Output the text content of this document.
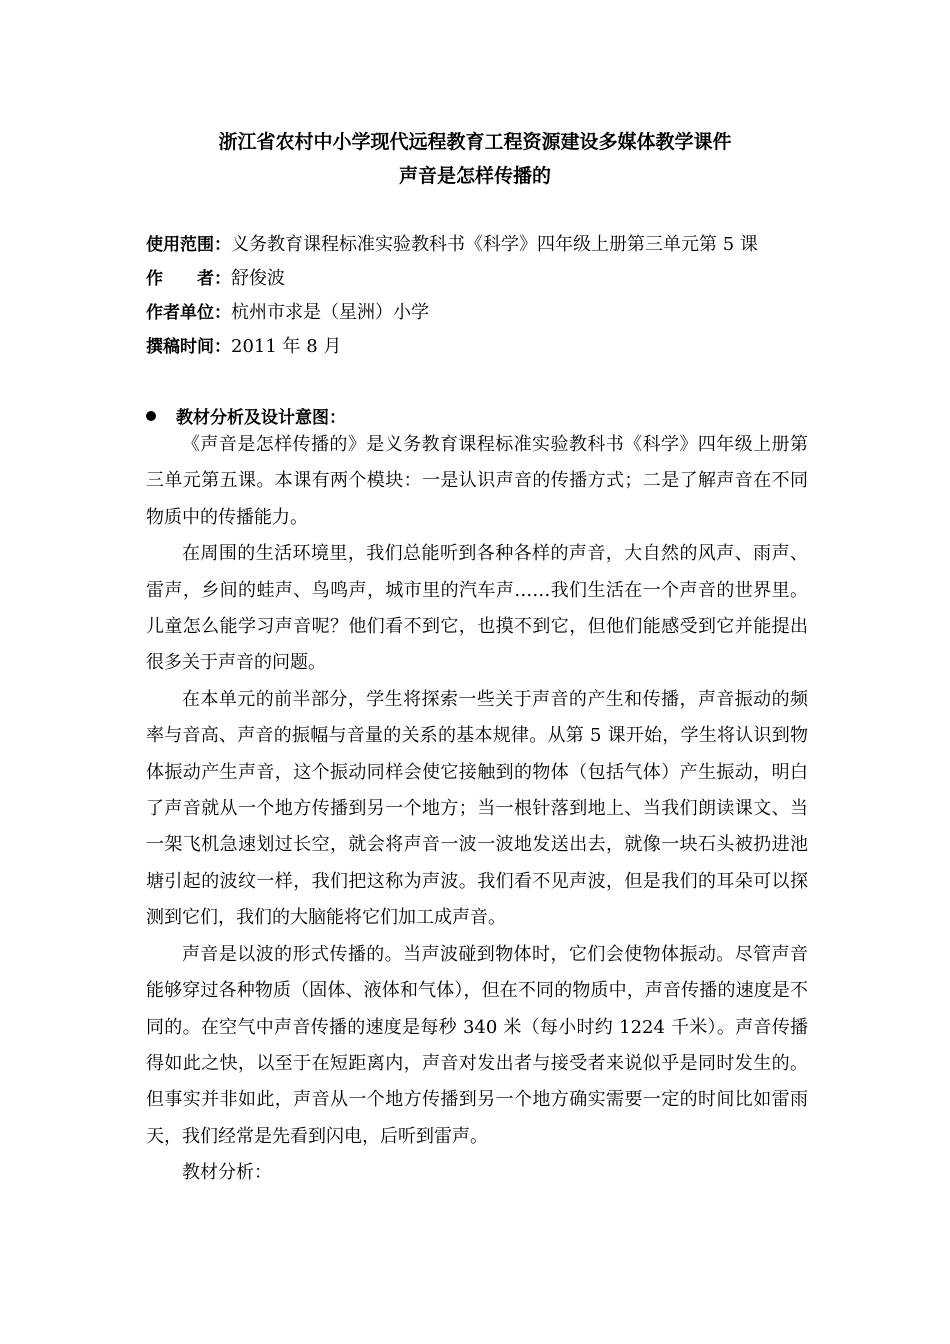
浙江省农村中小学现代远程教育工程资源建设多媒体教学课件
声音是怎样传播的
使用范围：义务教育课程标准实验教科书《科学》四年级上册第三单元第 5 课
作　　者：舒俊波
作者单位：杭州市求是（星洲）小学
撰稿时间：2011 年 8 月
教材分析及设计意图：

《声音是怎样传播的》是义务教育课程标准实验教科书《科学》四年级上册第三单元第五课。本课有两个模块：一是认识声音的传播方式；二是了解声音在不同物质中的传播能力。

在周围的生活环境里，我们总能听到各种各样的声音，大自然的风声、雨声、雷声，乡间的蛙声、鸟鸣声，城市里的汽车声……我们生活在一个声音的世界里。儿童怎么能学习声音呢？他们看不到它，也摸不到它，但他们能感受到它并能提出很多关于声音的问题。

在本单元的前半部分，学生将探索一些关于声音的产生和传播，声音振动的频率与音高、声音的振幅与音量的关系的基本规律。从第 5 课开始，学生将认识到物体振动产生声音，这个振动同样会使它接触到的物体（包括气体）产生振动，明白了声音就从一个地方传播到另一个地方；当一根针落到地上、当我们朗读课文、当一架飞机急速划过长空，就会将声音一波一波地发送出去，就像一块石头被扔进池塘引起的波纹一样，我们把这称为声波。我们看不见声波，但是我们的耳朵可以探测到它们，我们的大脑能将它们加工成声音。

声音是以波的形式传播的。当声波碰到物体时，它们会使物体振动。尽管声音能够穿过各种物质（固体、液体和气体），但在不同的物质中，声音传播的速度是不同的。在空气中声音传播的速度是每秒 340 米（每小时约 1224 千米）。声音传播得如此之快，以至于在短距离内，声音对发出者与接受者来说似乎是同时发生的。但事实并非如此，声音从一个地方传播到另一个地方确实需要一定的时间比如雷雨天，我们经常是先看到闪电，后听到雷声。

教材分析：
